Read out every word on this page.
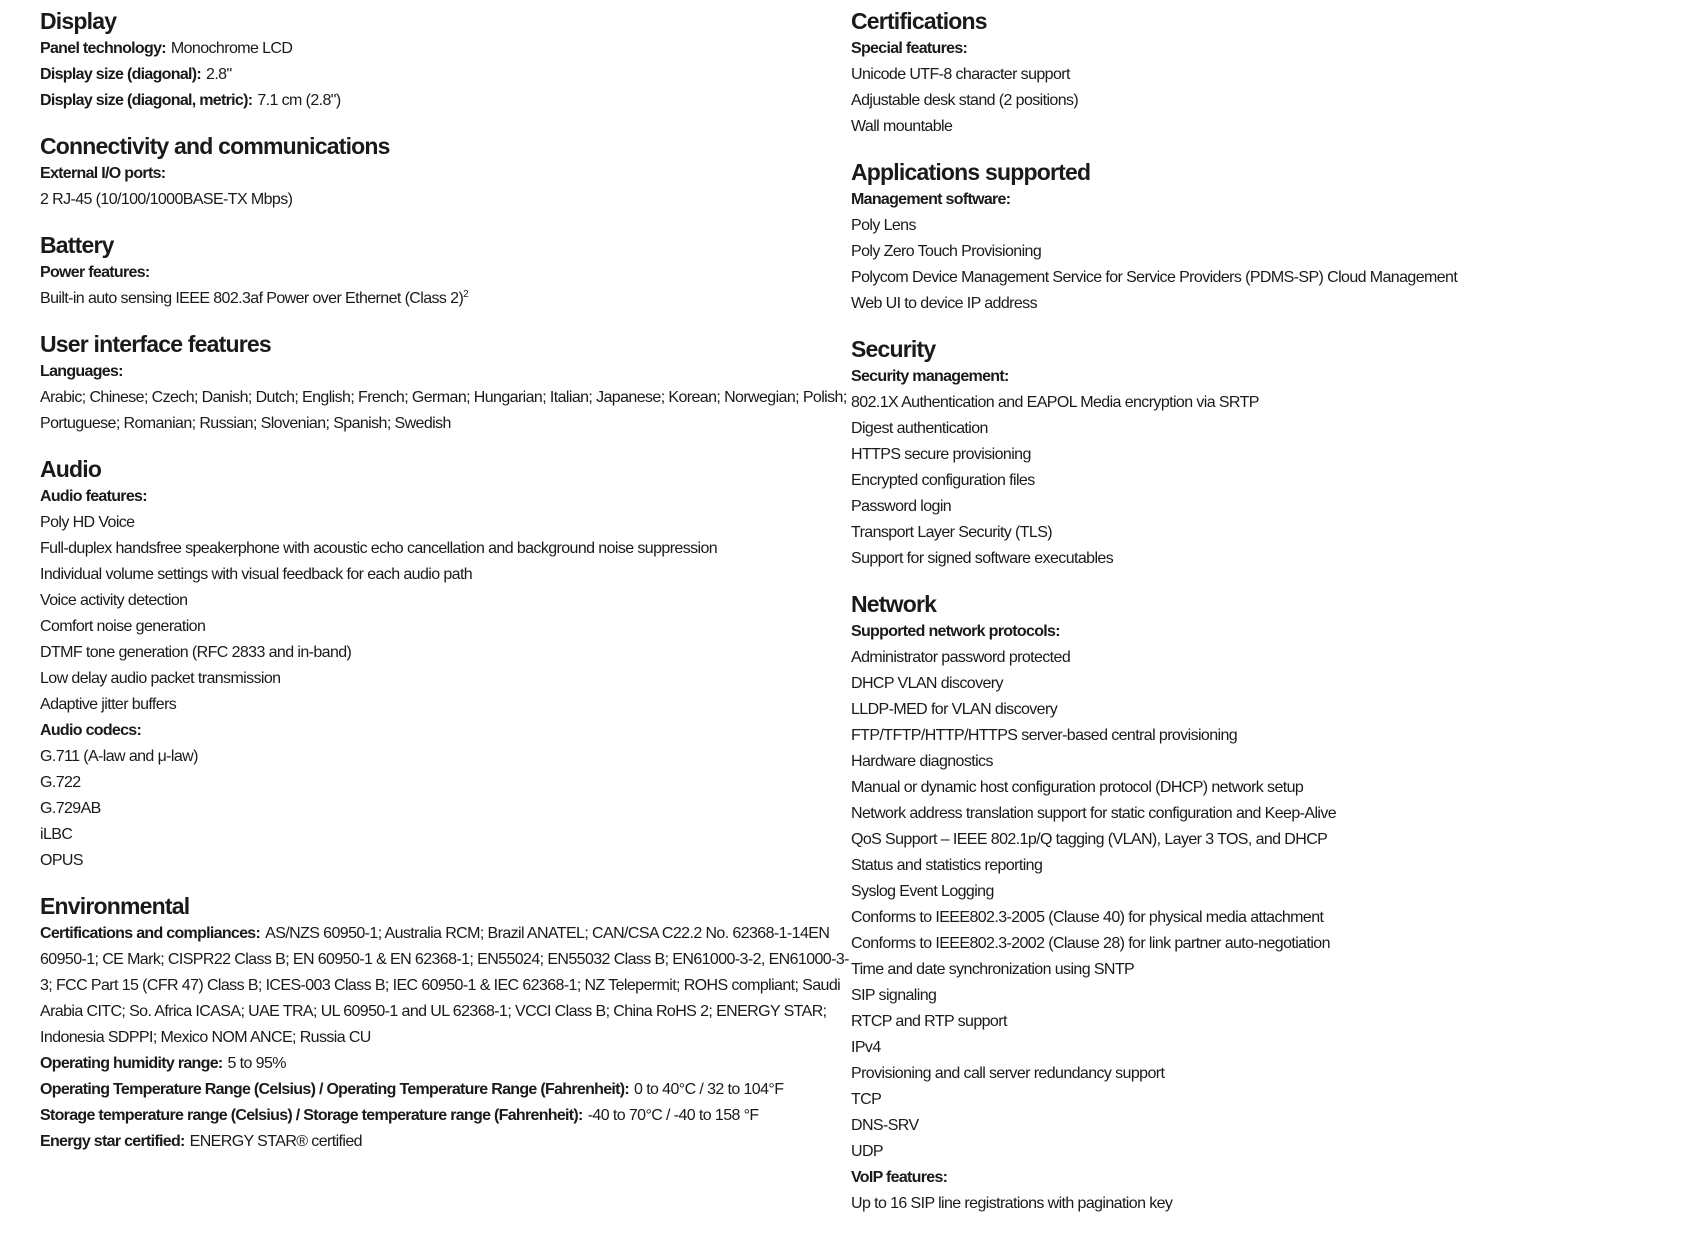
Display
Panel technology: Monochrome LCD
Display size (diagonal): 2.8"
Display size (diagonal, metric): 7.1 cm (2.8")
Connectivity and communications
External I/O ports:
2 RJ-45 (10/100/1000BASE-TX Mbps)
Battery
Power features:
Built-in auto sensing IEEE 802.3af Power over Ethernet (Class 2)$^2$
User interface features
Languages:
Arabic; Chinese; Czech; Danish; Dutch; English; French; German; Hungarian; Italian; Japanese; Korean; Norwegian; Polish; Portuguese; Romanian; Russian; Slovenian; Spanish; Swedish
Audio
Audio features:
Poly HD Voice
Full-duplex handsfree speakerphone with acoustic echo cancellation and background noise suppression
Individual volume settings with visual feedback for each audio path
Voice activity detection
Comfort noise generation
DTMF tone generation (RFC 2833 and in-band)
Low delay audio packet transmission
Adaptive jitter buffers
Audio codecs:
G.711 (A-law and μ-law)
G.722
G.729AB
iLBC
OPUS
Environmental
Certifications and compliances: AS/NZS 60950-1; Australia RCM; Brazil ANATEL; CAN/CSA C22.2 No. 62368-1-14EN 60950-1; CE Mark; CISPR22 Class B; EN 60950-1 & EN 62368-1; EN55024; EN55032 Class B; EN61000-3-2, EN61000-3-3; FCC Part 15 (CFR 47) Class B; ICES-003 Class B; IEC 60950-1 & IEC 62368-1; NZ Telepermit; ROHS compliant; Saudi Arabia CITC; So. Africa ICASA; UAE TRA; UL 60950-1 and UL 62368-1; VCCI Class B; China RoHS 2; ENERGY STAR; Indonesia SDPPI; Mexico NOM ANCE; Russia CU
Operating humidity range: 5 to 95%
Operating Temperature Range (Celsius) / Operating Temperature Range (Fahrenheit): 0 to 40°C / 32 to 104°F
Storage temperature range (Celsius) / Storage temperature range (Fahrenheit): -40 to 70°C / -40 to 158 °F
Energy star certified: ENERGY STAR® certified
Certifications
Special features:
Unicode UTF-8 character support
Adjustable desk stand (2 positions)
Wall mountable
Applications supported
Management software:
Poly Lens
Poly Zero Touch Provisioning
Polycom Device Management Service for Service Providers (PDMS-SP) Cloud Management
Web UI to device IP address
Security
Security management:
802.1X Authentication and EAPOL Media encryption via SRTP
Digest authentication
HTTPS secure provisioning
Encrypted configuration files
Password login
Transport Layer Security (TLS)
Support for signed software executables
Network
Supported network protocols:
Administrator password protected
DHCP VLAN discovery
LLDP-MED for VLAN discovery
FTP/TFTP/HTTP/HTTPS server-based central provisioning
Hardware diagnostics
Manual or dynamic host configuration protocol (DHCP) network setup
Network address translation support for static configuration and Keep-Alive
QoS Support – IEEE 802.1p/Q tagging (VLAN), Layer 3 TOS, and DHCP
Status and statistics reporting
Syslog Event Logging
Conforms to IEEE802.3-2005 (Clause 40) for physical media attachment
Conforms to IEEE802.3-2002 (Clause 28) for link partner auto-negotiation
Time and date synchronization using SNTP
SIP signaling
RTCP and RTP support
IPv4
Provisioning and call server redundancy support
TCP
DNS-SRV
UDP
VoIP features:
Up to 16 SIP line registrations with pagination key
